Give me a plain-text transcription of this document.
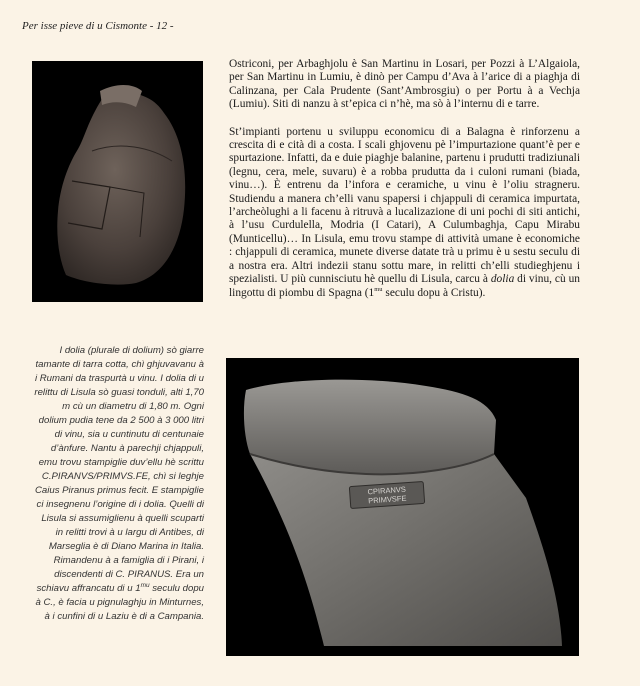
Per isse pieve di u Cismonte - 12 -

Ostriconi, per Arbaghjolu è San Martinu in Losari, per Pozzi à L’Algaiola, per San Martinu in Lumiu, è dinò per Campu d’Ava à l’arice di a piaghja di Calinzana, per Cala Prudente (Sant’Ambrosgiu) o per Portu à a Vechja (Lumiu). Siti di nanzu à st’epica ci n’hè, ma sò à l’internu di e tarre.

St’impianti portenu u sviluppu economicu di a Balagna è rinforzenu a crescita di e cità di a costa. I scali ghjovenu pè l’impurtazione quant’è per e spurtazione. Infatti, da e duie piaghje balanine, partenu i prudutti tradiziunali (legnu, cera, mele, suvaru) è a robba prudutta da i culoni rumani (biada, vinu…). È entrenu da l’infora e ceramiche, u vinu è l’oliu stragneru. Studiendu a manera ch’elli vanu spapersi i chjappuli di ceramica impurtata, l’archeòlughi a li facenu à ritruvà a lucalizazione di uni pochi di siti antichi, à l’usu Curdulella, Modria (I Catari), A Culumbaghja, Capu Mirabu (Munticellu)… In Lisula, emu trovu stampe di attività umane è economiche : chjappuli di ceramica, munete diverse datate trà u primu è u sestu seculu di a nostra era. Altri indezii stanu sottu mare, in relitti ch’elli studieghjenu i spezialisti. U più cunnisciutu hè quellu di Lisula, carcu à dolia di vinu, cù un lingottu di piombu di Spagna ($1^{mu}$ seculu dopu à Cristu).

I dolia (plurale di dolium) sò giarre tamante di tarra cotta, chì ghjuvavanu à i Rumani da traspurtà u vinu. I dolia di u relittu di Lisula sò guasi tonduli, alti 1,70 m cù un diametru di 1,80 m. Ogni dolium pudia tene da 2 500 à 3 000 litri di vinu, sia u cuntinutu di centunaie d’ànfure. Nantu à parechji chjappuli, emu trovu stampiglie duv’ellu hè scrittu C.PIRANVS/PRIMVS.FE, chì si leghje Caius Piranus primus fecit. E stampiglie ci insegnenu l’origine di i dolia. Quelli di Lisula si assumiglienu à quelli scuparti in relitti trovi à u largu di Antibes, di Marseglia è di Diano Marina in Italia. Rimandenu à a famiglia di i Pirani, i discendenti di C. PIRANUS. Era un schiavu affrancatu di u $1^{mu}$ seculu dopu à C., è facia u pignulaghju in Minturnes, à i cunfini di u Laziu è di a Campania.
CPIRANVS
PRIMVSFE
